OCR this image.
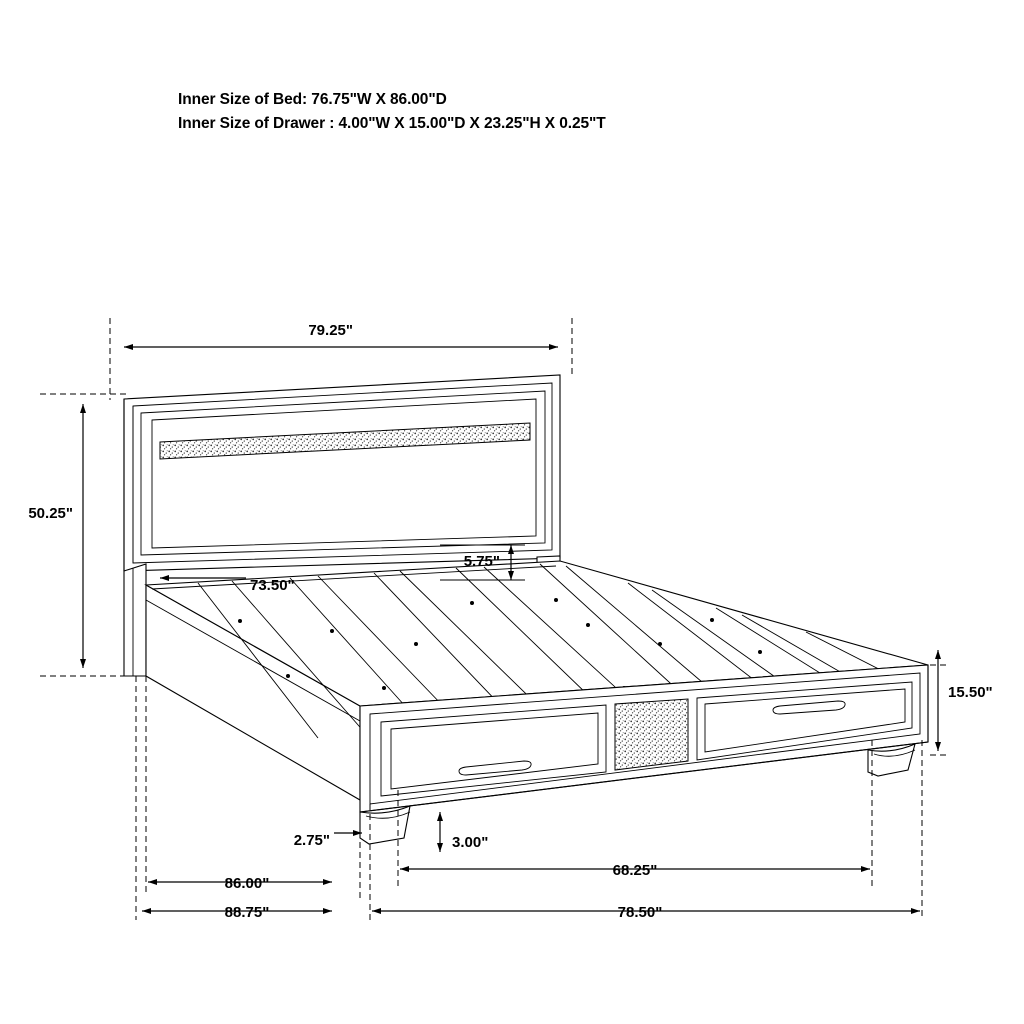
Inner Size of Bed: 76.75"W X 86.00"D
Inner Size of Drawer : 4.00"W X 15.00"D X 23.25"H X 0.25"T
79.25"
50.25"
73.50"
5.75"
15.50"
3.00"
2.75"
86.00"
88.75"
68.25"
78.50"
